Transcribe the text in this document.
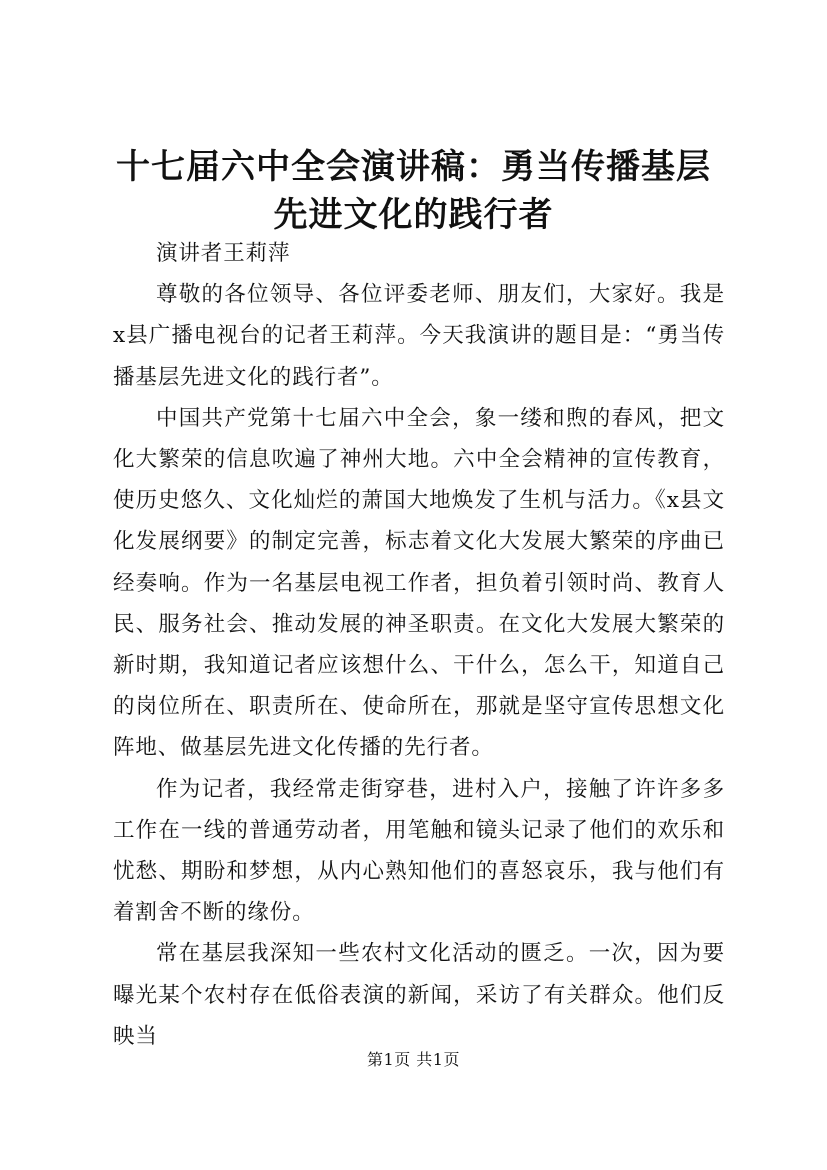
十七届六中全会演讲稿：勇当传播基层先进文化的践行者

演讲者王莉萍

尊敬的各位领导、各位评委老师、朋友们，大家好。我是x县广播电视台的记者王莉萍。今天我演讲的题目是：“勇当传播基层先进文化的践行者”。

中国共产党第十七届六中全会，象一缕和煦的春风，把文化大繁荣的信息吹遍了神州大地。六中全会精神的宣传教育，使历史悠久、文化灿烂的萧国大地焕发了生机与活力。《x县文化发展纲要》的制定完善，标志着文化大发展大繁荣的序曲已经奏响。作为一名基层电视工作者，担负着引领时尚、教育人民、服务社会、推动发展的神圣职责。在文化大发展大繁荣的新时期，我知道记者应该想什么、干什么，怎么干，知道自己的岗位所在、职责所在、使命所在，那就是坚守宣传思想文化阵地、做基层先进文化传播的先行者。

作为记者，我经常走街穿巷，进村入户，接触了许许多多工作在一线的普通劳动者，用笔触和镜头记录了他们的欢乐和忧愁、期盼和梦想，从内心熟知他们的喜怒哀乐，我与他们有着割舍不断的缘份。

常在基层我深知一些农村文化活动的匮乏。一次，因为要曝光某个农村存在低俗表演的新闻，采访了有关群众。他们反映当

第1页 共1页
